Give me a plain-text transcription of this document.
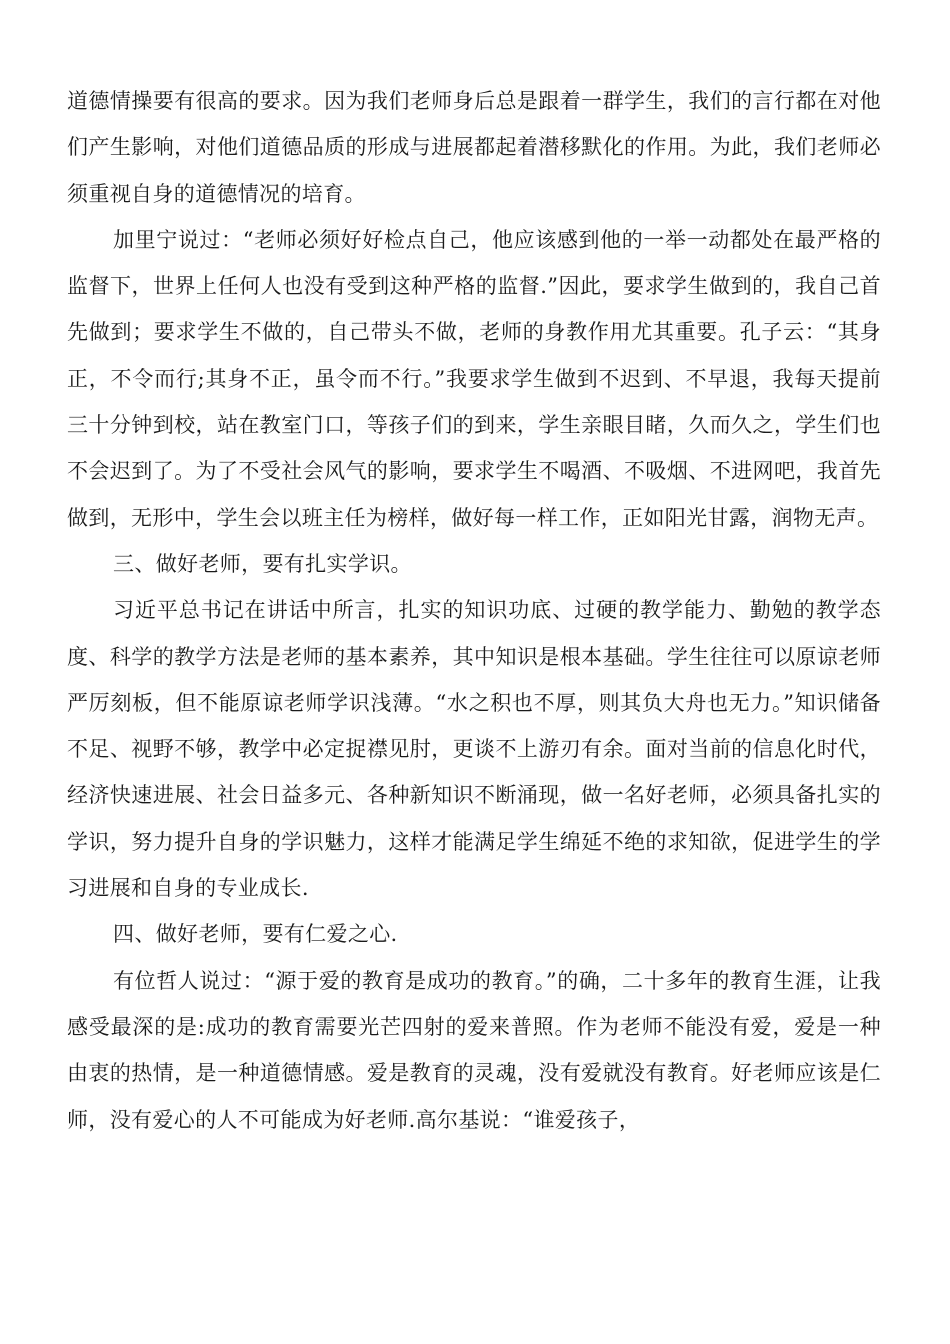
道德情操要有很高的要求。因为我们老师身后总是跟着一群学生，我们的言行都在对他们产生影响，对他们道德品质的形成与进展都起着潜移默化的作用。为此，我们老师必须重视自身的道德情况的培育。

加里宁说过：“老师必须好好检点自己，他应该感到他的一举一动都处在最严格的监督下，世界上任何人也没有受到这种严格的监督.”因此，要求学生做到的，我自己首先做到；要求学生不做的，自己带头不做，老师的身教作用尤其重要。孔子云：“其身正，不令而行;其身不正，虽令而不行。”我要求学生做到不迟到、不早退，我每天提前三十分钟到校，站在教室门口，等孩子们的到来，学生亲眼目睹，久而久之，学生们也不会迟到了。为了不受社会风气的影响，要求学生不喝酒、不吸烟、不进网吧，我首先做到，无形中，学生会以班主任为榜样，做好每一样工作，正如阳光甘露，润物无声。

三、做好老师，要有扎实学识。

习近平总书记在讲话中所言，扎实的知识功底、过硬的教学能力、勤勉的教学态度、科学的教学方法是老师的基本素养，其中知识是根本基础。学生往往可以原谅老师严厉刻板，但不能原谅老师学识浅薄。“水之积也不厚，则其负大舟也无力。”知识储备不足、视野不够，教学中必定捉襟见肘，更谈不上游刃有余。面对当前的信息化时代，经济快速进展、社会日益多元、各种新知识不断涌现，做一名好老师，必须具备扎实的学识，努力提升自身的学识魅力，这样才能满足学生绵延不绝的求知欲，促进学生的学习进展和自身的专业成长.

四、做好老师，要有仁爱之心.

有位哲人说过：“源于爱的教育是成功的教育。”的确，二十多年的教育生涯，让我感受最深的是:成功的教育需要光芒四射的爱来普照。作为老师不能没有爱，爱是一种由衷的热情，是一种道德情感。爱是教育的灵魂，没有爱就没有教育。好老师应该是仁师，没有爱心的人不可能成为好老师.高尔基说：“谁爱孩子，
